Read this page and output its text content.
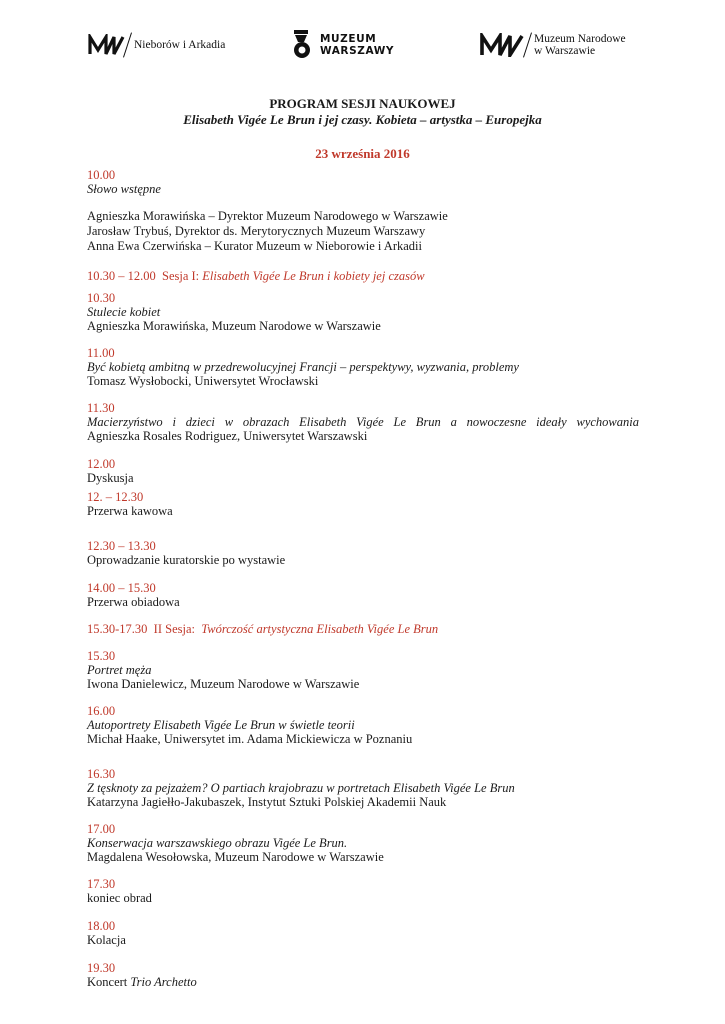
Nieborów i Arkadia	MUZEUM
WARSZAWY
Muzeum Narodowe
w Warszawie
PROGRAM SESJI NAUKOWEJ
Elisabeth Vigée Le Brun i jej czasy. Kobieta – artystka – Europejka
23 września 2016
10.00
Słowo wstępne
Agnieszka Morawińska – Dyrektor Muzeum Narodowego w Warszawie
Jarosław Trybuś, Dyrektor ds. Merytorycznych Muzeum Warszawy
Anna Ewa Czerwińska – Kurator Muzeum w Nieborowie i Arkadii
10.30 – 12.00 Sesja I: Elisabeth Vigée Le Brun i kobiety jej czasów
10.30
Stulecie kobiet
Agnieszka Morawińska, Muzeum Narodowe w Warszawie
11.00
Być kobietą ambitną w przedrewolucyjnej Francji – perspektywy, wyzwania, problemy
Tomasz Wysłobocki, Uniwersytet Wrocławski
11.30
Macierzyństwo i dzieci w obrazach Elisabeth Vigée Le Brun a nowoczesne ideały wychowania
Agnieszka Rosales Rodriguez, Uniwersytet Warszawski
12.00
Dyskusja
12. – 12.30
Przerwa kawowa
12.30 – 13.30
Oprowadzanie kuratorskie po wystawie
14.00 – 15.30
Przerwa obiadowa
15.30-17.30 II Sesja: Twórczość artystyczna Elisabeth Vigée Le Brun
15.30
Portret męża
Iwona Danielewicz, Muzeum Narodowe w Warszawie
16.00
Autoportrety Elisabeth Vigée Le Brun w świetle teorii
Michał Haake, Uniwersytet im. Adama Mickiewicza w Poznaniu
16.30
Z tęsknoty za pejzażem? O partiach krajobrazu w portretach Elisabeth Vigée Le Brun
Katarzyna Jagiełło-Jakubaszek, Instytut Sztuki Polskiej Akademii Nauk
17.00
Konserwacja warszawskiego obrazu Vigée Le Brun.
Magdalena Wesołowska, Muzeum Narodowe w Warszawie
17.30
koniec obrad
18.00
Kolacja
19.30
Koncert Trio Archetto
